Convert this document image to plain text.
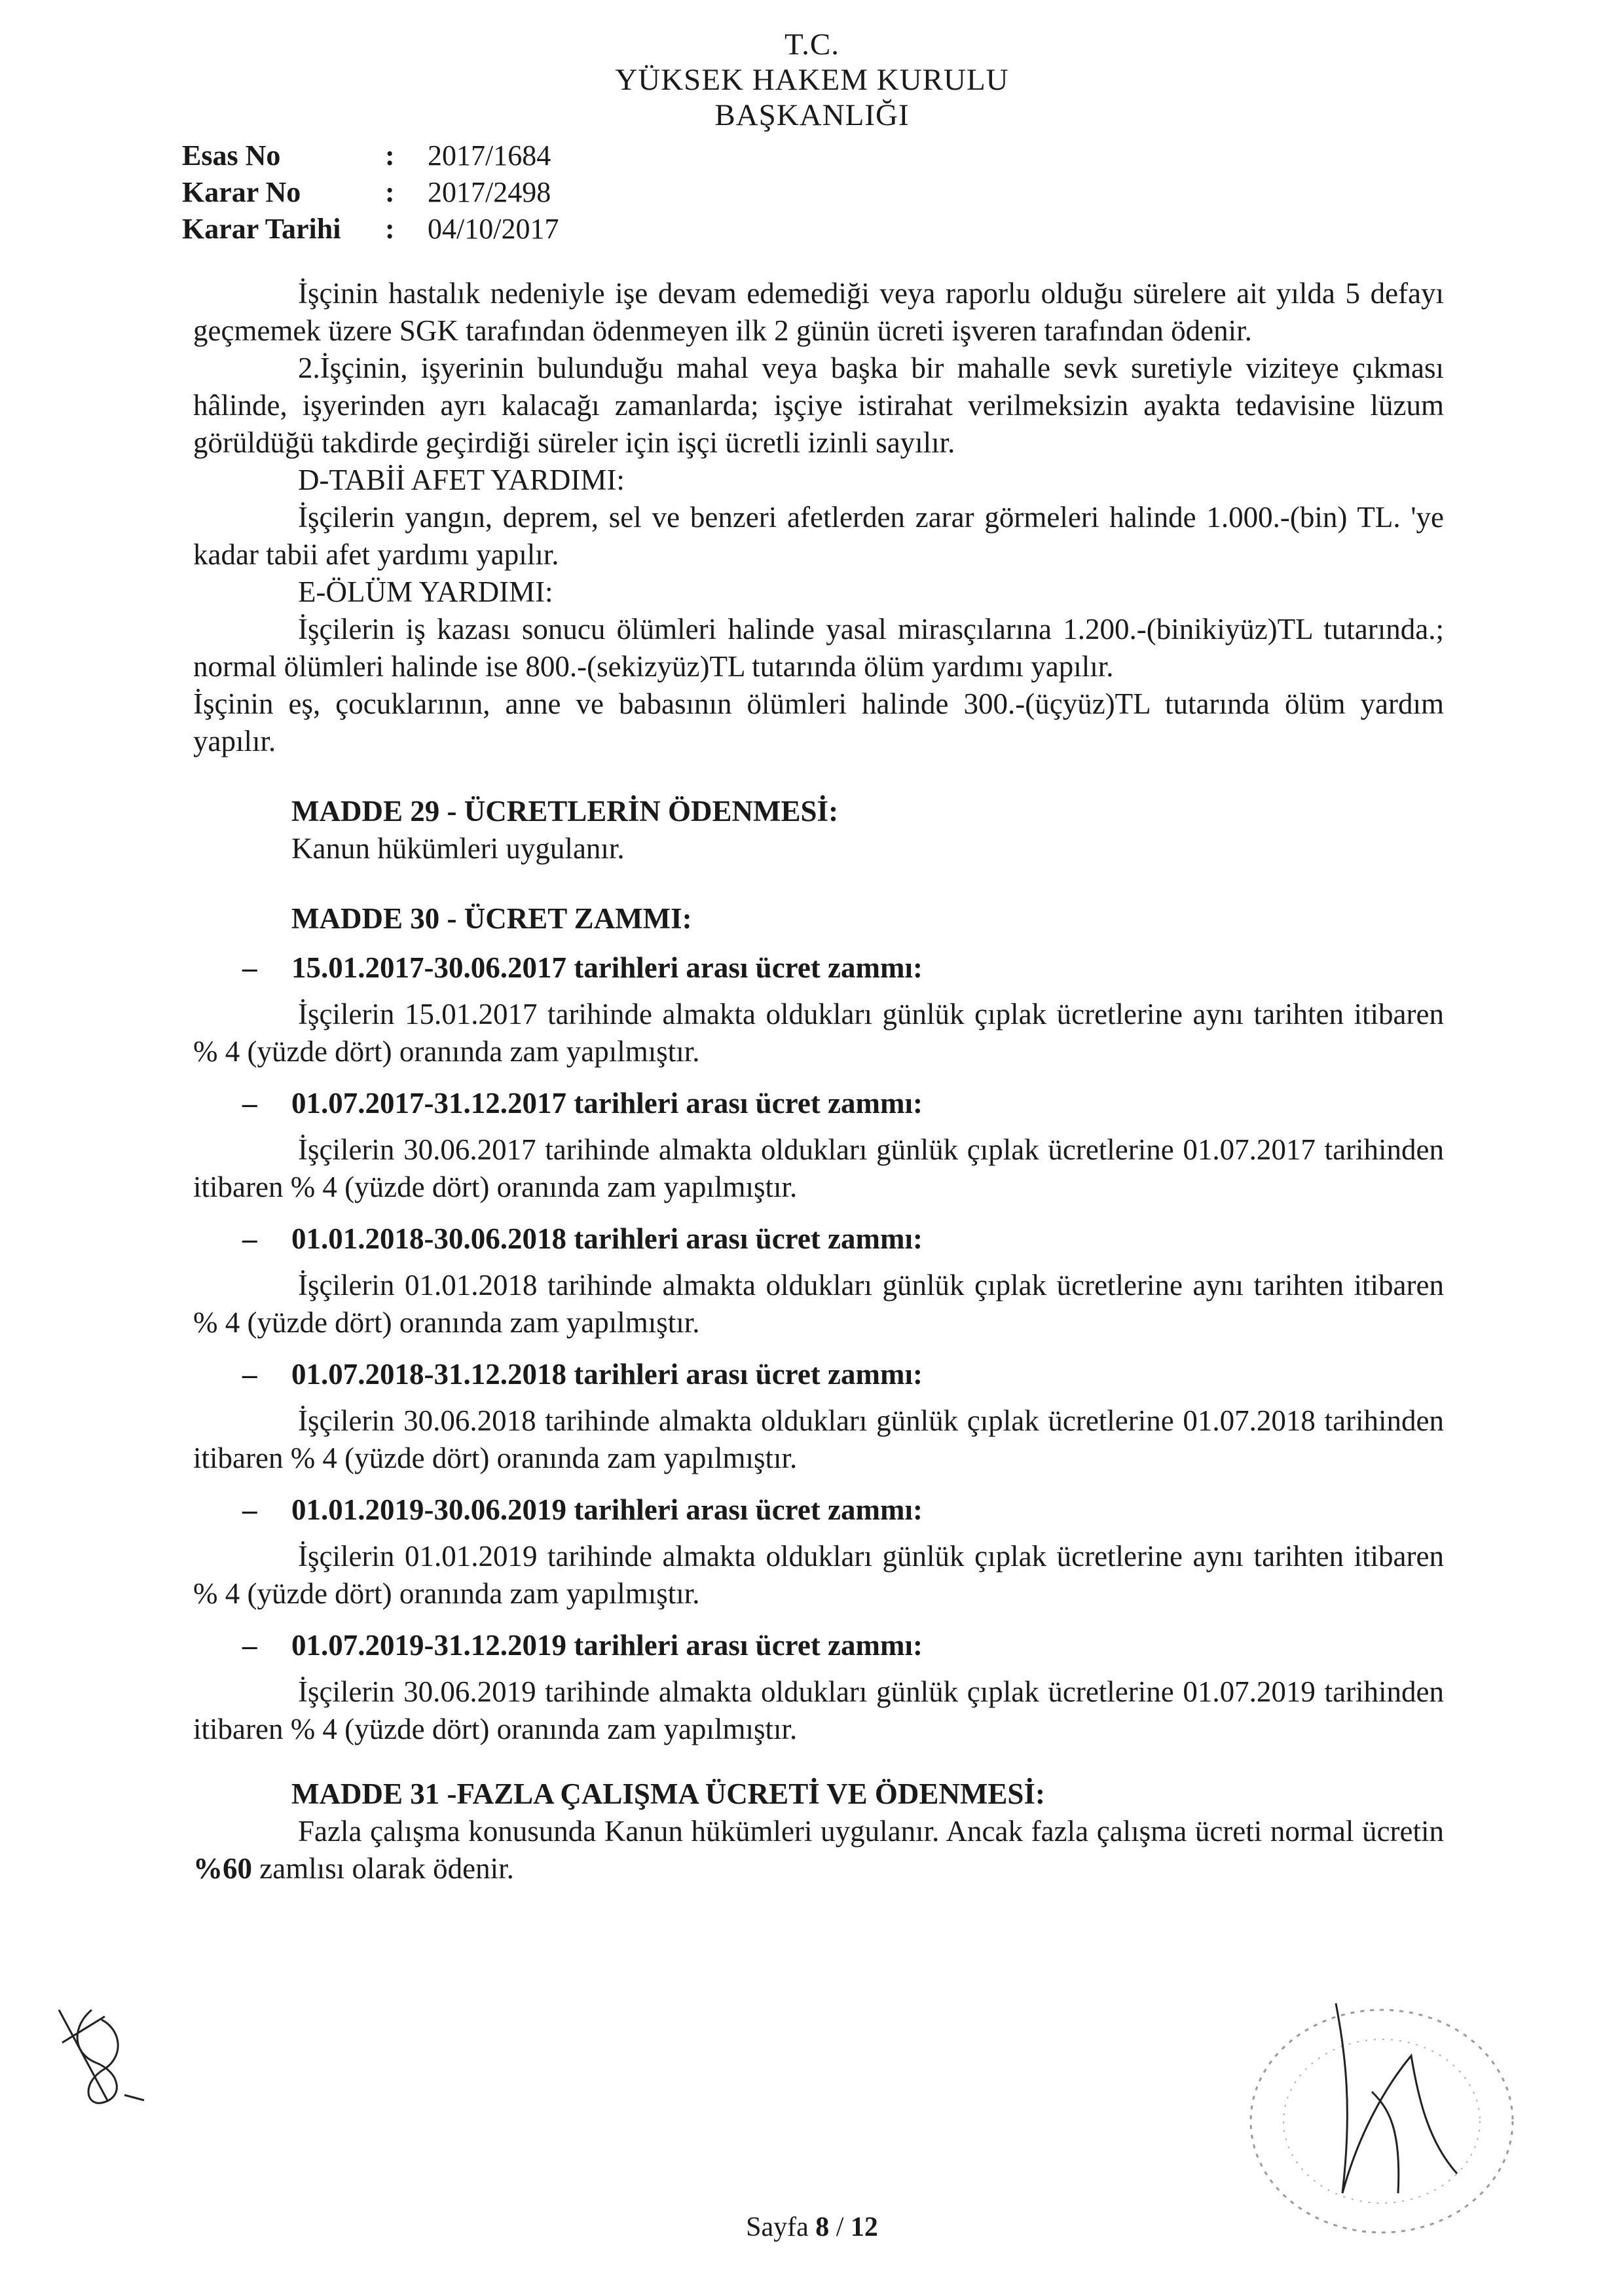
T.C.
YÜKSEK HAKEM KURULU
BAŞKANLIĞI
Esas No	: 2017/1684
Karar No	: 2017/2498
Karar Tarihi : 04/10/2017
İşçinin hastalık nedeniyle işe devam edemediği veya raporlu olduğu sürelere ait yılda 5 defayı geçmemek üzere SGK tarafından ödenmeyen ilk 2 günün ücreti işveren tarafından ödenir.
2.İşçinin, işyerinin bulunduğu mahal veya başka bir mahalle sevk suretiyle viziteye çıkması hâlinde, işyerinden ayrı kalacağı zamanlarda; işçiye istirahat verilmeksizin ayakta tedavisine lüzum görüldüğü takdirde geçirdiği süreler için işçi ücretli izinli sayılır.
D-TABİİ AFET YARDIMI:
İşçilerin yangın, deprem, sel ve benzeri afetlerden zarar görmeleri halinde 1.000.-(bin) TL. 'ye kadar tabii afet yardımı yapılır.
E-ÖLÜM YARDIMI:
İşçilerin iş kazası sonucu ölümleri halinde yasal mirasçılarına 1.200.-(binikiyüz)TL tutarında.; normal ölümleri halinde ise 800.-(sekizyüz)TL tutarında ölüm yardımı yapılır.
İşçinin eş, çocuklarının, anne ve babasının ölümleri halinde 300.-(üçyüz)TL tutarında ölüm yardım yapılır.
MADDE 29 - ÜCRETLERİN ÖDENMESİ:
Kanun hükümleri uygulanır.
MADDE 30 - ÜCRET ZAMMI:
–	15.01.2017-30.06.2017 tarihleri arası ücret zammı:
İşçilerin 15.01.2017 tarihinde almakta oldukları günlük çıplak ücretlerine aynı tarihten itibaren % 4 (yüzde dört) oranında zam yapılmıştır.
–	01.07.2017-31.12.2017 tarihleri arası ücret zammı:
İşçilerin 30.06.2017 tarihinde almakta oldukları günlük çıplak ücretlerine 01.07.2017 tarihinden itibaren % 4 (yüzde dört) oranında zam yapılmıştır.
–	01.01.2018-30.06.2018 tarihleri arası ücret zammı:
İşçilerin 01.01.2018 tarihinde almakta oldukları günlük çıplak ücretlerine aynı tarihten itibaren % 4 (yüzde dört) oranında zam yapılmıştır.
–	01.07.2018-31.12.2018 tarihleri arası ücret zammı:
İşçilerin 30.06.2018 tarihinde almakta oldukları günlük çıplak ücretlerine 01.07.2018 tarihinden itibaren % 4 (yüzde dört) oranında zam yapılmıştır.
–	01.01.2019-30.06.2019 tarihleri arası ücret zammı:
İşçilerin 01.01.2019 tarihinde almakta oldukları günlük çıplak ücretlerine aynı tarihten itibaren % 4 (yüzde dört) oranında zam yapılmıştır.
–	01.07.2019-31.12.2019 tarihleri arası ücret zammı:
İşçilerin 30.06.2019 tarihinde almakta oldukları günlük çıplak ücretlerine 01.07.2019 tarihinden itibaren % 4 (yüzde dört) oranında zam yapılmıştır.
MADDE 31 -FAZLA ÇALIŞMA ÜCRETİ VE ÖDENMESİ:
Fazla çalışma konusunda Kanun hükümleri uygulanır. Ancak fazla çalışma ücreti normal ücretin %60 zamlısı olarak ödenir.
Sayfa 8 / 12
